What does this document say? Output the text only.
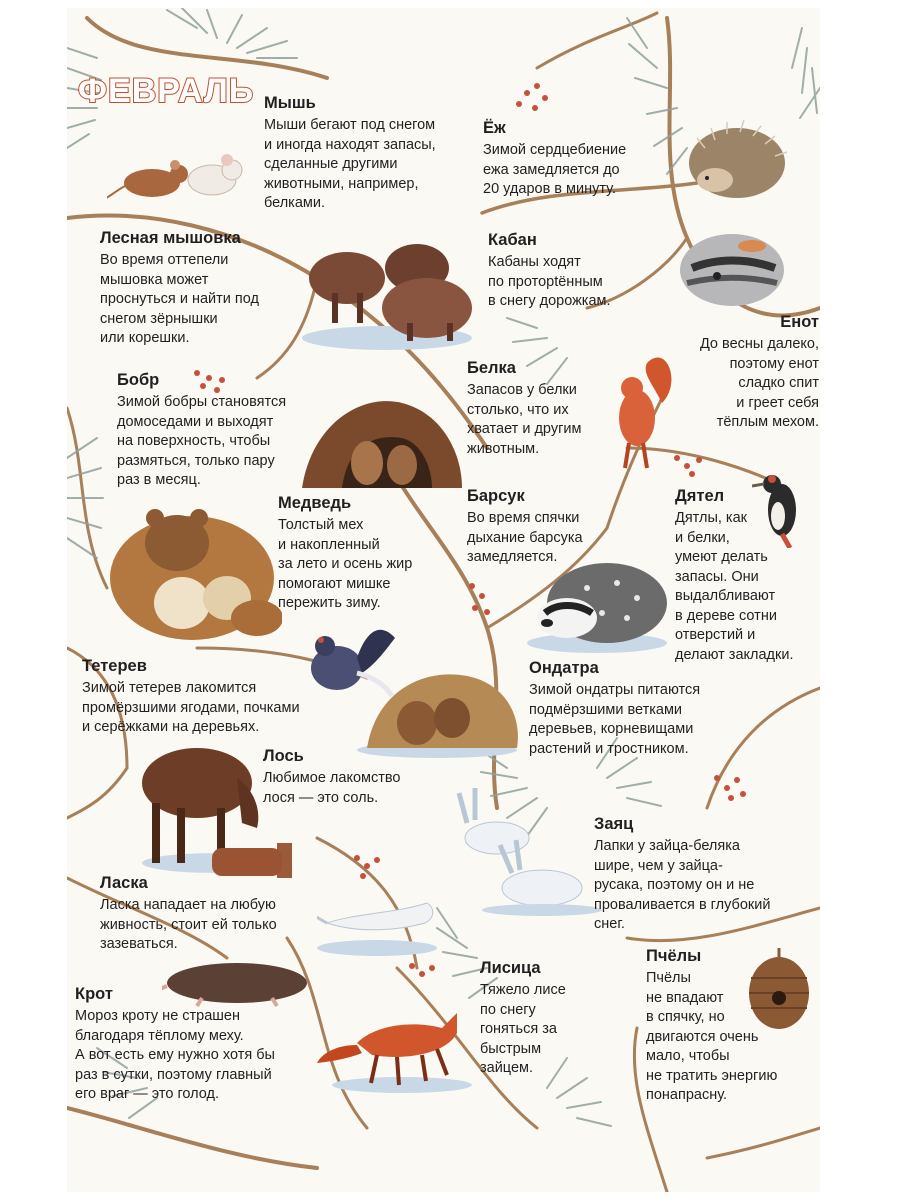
ФЕВРАЛЬ Мышь

Мыши бегают под снегом
и иногда находят запасы,
сделанные другими
животными, например,
белками.

Ёж

Зимой сердцебиение
ежа замедляется до
20 ударов в минуту.

Лесная мышовка

Во время оттепели
мышовка может
проснуться и найти под
снегом зёрнышки
или корешки.

Кабан

Кабаны ходят
по протоptённым
в снегу дорожкам.

Енот

До весны далеко,
поэтому енот
сладко спит
и греет себя
тёплым мехом.

Белка

Запасов у белки
столько, что их
хватает и другим
животным.

Бобр

Зимой бобры становятся
домоседами и выходят
на поверхность, чтобы
размяться, только пару
раз в месяц.

Медведь

Толстый мех
и накопленный
за лето и осень жир
помогают мишке
пережить зиму.

Барсук

Во время спячки
дыхание барсука
замедляется.

Дятел

Дятлы, как
и белки,
умеют делать
запасы. Они
выдалбливают
в дереве сотни
отверстий и
делают закладки.

Тетерев

Зимой тетерев лакомится
промёрзшими ягодами, почками
и серёжками на деревьях.

Ондатра

Зимой ондатры питаются
подмёрзшими ветками
деревьев, корневищами
растений и тростником.

Лось

Любимое лакомство
лося — это соль.

Заяц

Лапки у зайца-беляка
шире, чем у зайца-
русака, поэтому он и не
проваливается в глубокий
снег.

Ласка

Ласка нападает на любую
живность, стоит ей только
зазеваться.

Крот

Мороз кроту не страшен
благодаря тёплому меху.
А вот есть ему нужно хотя бы
раз в сутки, поэтому главный
его враг — это голод.

Лисица

Тяжело лисе
по снегу
гоняться за
быстрым
зайцем.

Пчёлы

Пчёлы
не впадают
в спячку, но
двигаются очень
мало, чтобы
не тратить энергию
понапрасну.
